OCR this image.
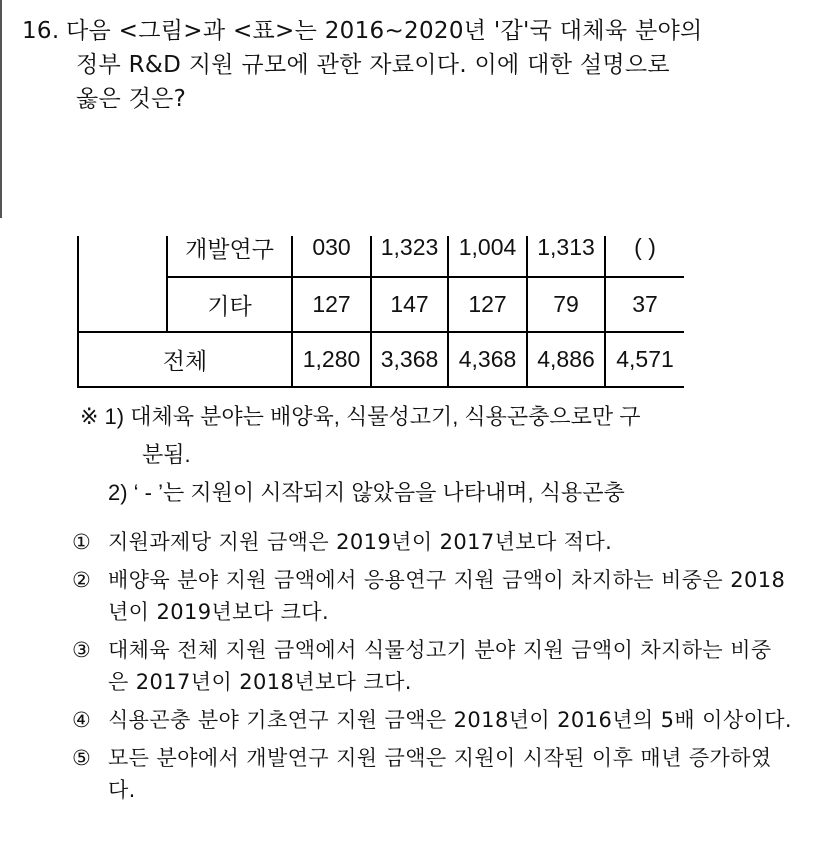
16. 다음 <그림>과 <표>는 2016~2020년 '갑'국 대체육 분야의
정부 R&D 지원 규모에 관한 자료이다. 이에 대한 설명으로
옳은 것은?
	개발연구	030	1,323	1,004	1,313	( )
	기타	127	147	127	79	37
전체		1,280	3,368	4,368	4,886	4,571
※ 1) 대체육 분야는 배양육, 식물성고기, 식용곤충으로만 구
분됨.
2) ‘ - ’는 지원이 시작되지 않았음을 나타내며, 식용곤충
① 지원과제당 지원 금액은 2019년이 2017년보다 적다.
② 배양육 분야 지원 금액에서 응용연구 지원 금액이 차지하는 비중은 2018년이 2019년보다 크다.
③ 대체육 전체 지원 금액에서 식물성고기 분야 지원 금액이 차지하는 비중은 2017년이 2018년보다 크다.
④ 식용곤충 분야 기초연구 지원 금액은 2018년이 2016년의 5배 이상이다.
⑤ 모든 분야에서 개발연구 지원 금액은 지원이 시작된 이후 매년 증가하였다.
